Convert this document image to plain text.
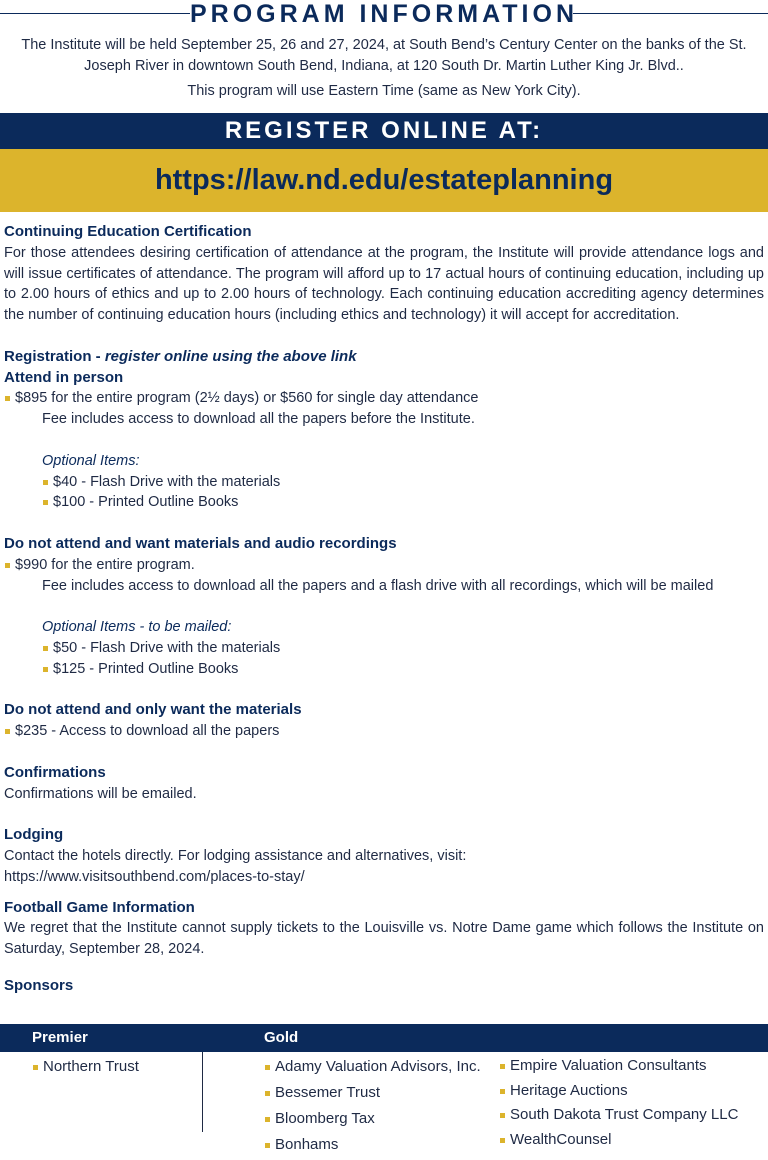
PROGRAM INFORMATION

The Institute will be held September 25, 26 and 27, 2024, at South Bend’s Century Center on the banks of the St. Joseph River in downtown South Bend, Indiana, at 120 South Dr. Martin Luther King Jr. Blvd..

This program will use Eastern Time (same as New York City).

REGISTER ONLINE AT:
https://law.nd.edu/estateplanning
Continuing Education Certification

For those attendees desiring certification of attendance at the program, the Institute will provide attendance logs and will issue certificates of attendance. The program will afford up to 17 actual hours of continuing education, including up to 2.00 hours of ethics and up to 2.00 hours of technology. Each continuing education accrediting agency determines the number of continuing education hours (including ethics and technology) it will accept for accreditation.

Registration - register online using the above link
Attend in person

$895 for the entire program (2½ days) or $560 for single day attendance

Fee includes access to download all the papers before the Institute.

Optional Items:

$40 - Flash Drive with the materials

$100 - Printed Outline Books

Do not attend and want materials and audio recordings

$990 for the entire program.

Fee includes access to download all the papers and a flash drive with all recordings, which will be mailed

Optional Items - to be mailed:

$50 - Flash Drive with the materials

$125 - Printed Outline Books

Do not attend and only want the materials

$235 - Access to download all the papers

Confirmations

Confirmations will be emailed.

Lodging

Contact the hotels directly. For lodging assistance and alternatives, visit:

https://www.visitsouthbend.com/places-to-stay/

Football Game Information

We regret that the Institute cannot supply tickets to the Louisville vs. Notre Dame game which follows the Institute on Saturday, September 28, 2024.

Sponsors
Premier	Gold
Northern Trust	Adamy Valuation Advisors, Inc.
Bessemer Trust
Bloomberg Tax
Bonhams
Empire Valuation Consultants
Heritage Auctions
South Dakota Trust Company LLC
WealthCounsel
